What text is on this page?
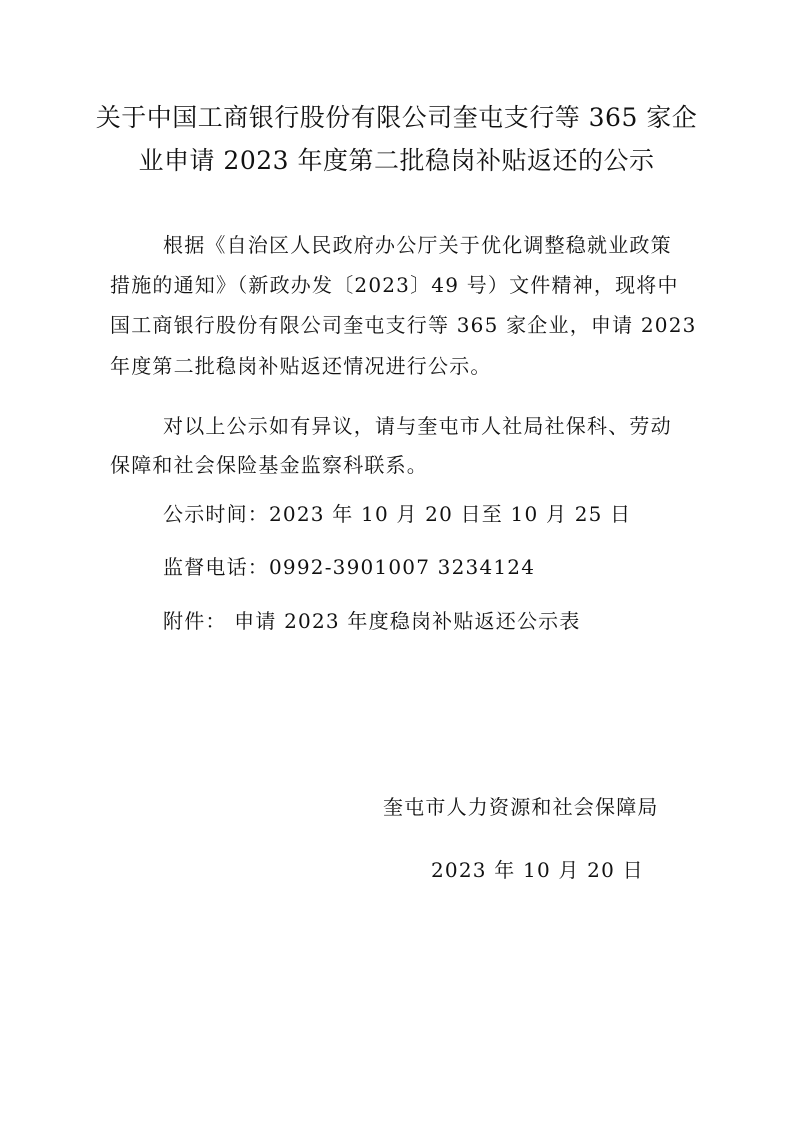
关于中国工商银行股份有限公司奎屯支行等 365 家企
业申请 2023 年度第二批稳岗补贴返还的公示
根据《自治区人民政府办公厅关于优化调整稳就业政策
措施的通知》（新政办发〔2023〕49 号）文件精神，现将中
国工商银行股份有限公司奎屯支行等 365 家企业，申请 2023
年度第二批稳岗补贴返还情况进行公示。
对以上公示如有异议，请与奎屯市人社局社保科、劳动
保障和社会保险基金监察科联系。
公示时间：2023 年 10 月 20 日至 10 月 25 日
监督电话：0992-3901007 3234124
附件： 申请 2023 年度稳岗补贴返还公示表
奎屯市人力资源和社会保障局
2023 年 10 月 20 日
